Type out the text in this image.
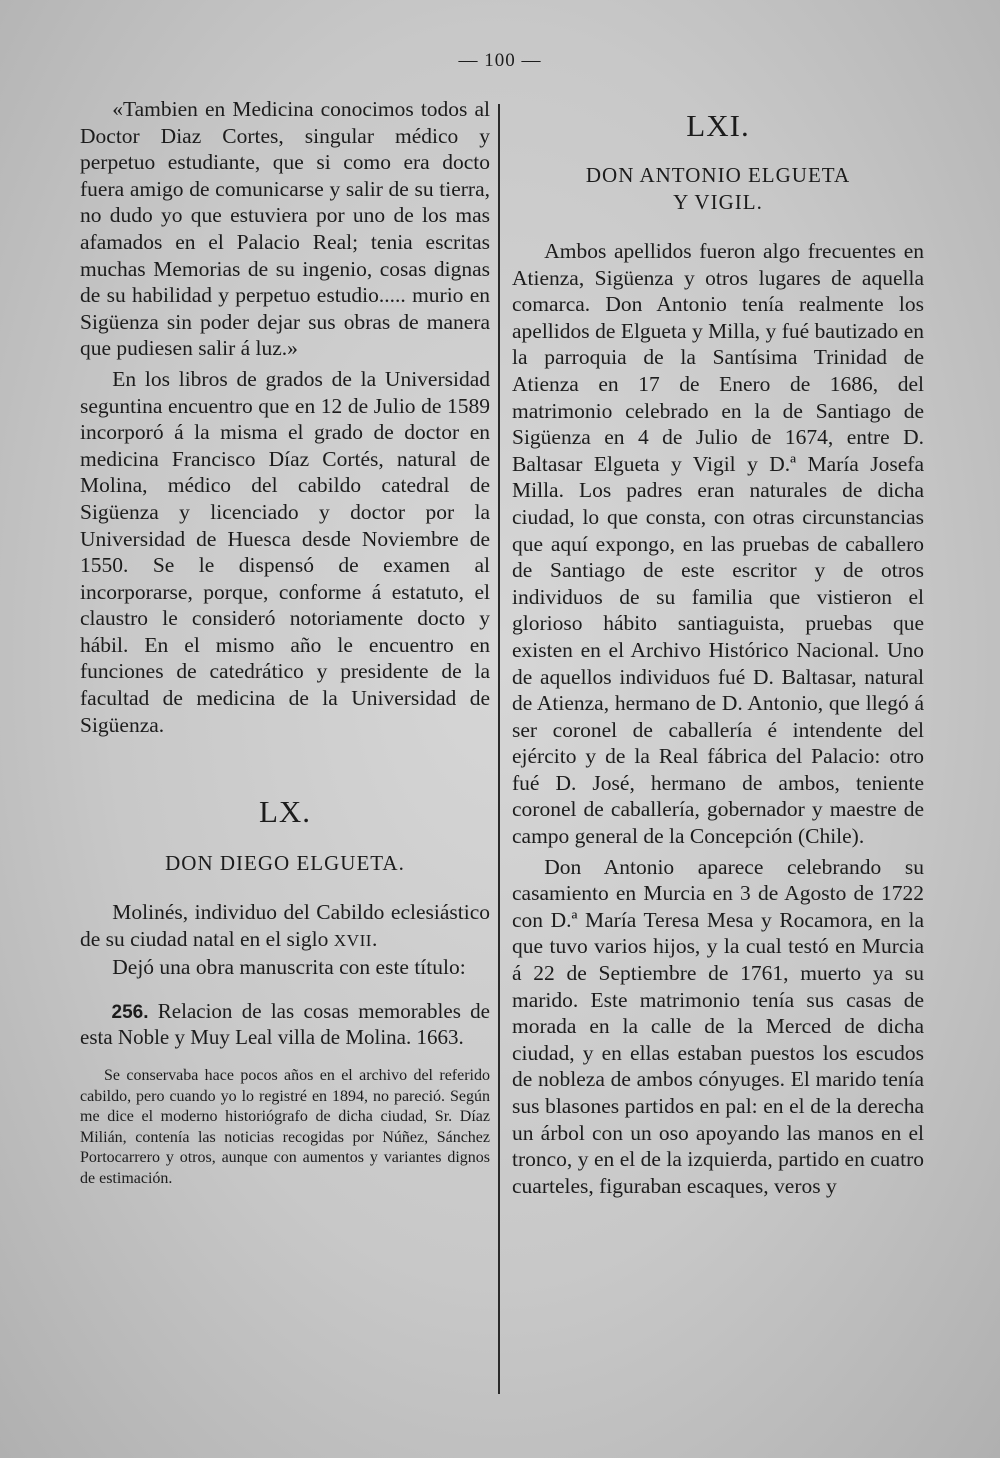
— 100 —

«Tambien en Medicina conocimos todos al Doctor Diaz Cortes, singular médico y perpetuo estudiante, que si como era docto fuera amigo de comunicarse y salir de su tierra, no dudo yo que estuviera por uno de los mas afamados en el Palacio Real; tenia escritas muchas Memorias de su ingenio, cosas dignas de su habilidad y perpetuo estudio..... murio en Sigüenza sin poder dejar sus obras de manera que pudiesen salir á luz.»

En los libros de grados de la Universidad seguntina encuentro que en 12 de Julio de 1589 incorporó á la misma el grado de doctor en medicina Francisco Díaz Cortés, natural de Molina, médico del cabildo catedral de Sigüenza y licenciado y doctor por la Universidad de Huesca desde Noviembre de 1550. Se le dispensó de examen al incorporarse, porque, conforme á estatuto, el claustro le consideró notoriamente docto y hábil. En el mismo año le encuentro en funciones de catedrático y presidente de la facultad de medicina de la Universidad de Sigüenza.

LX.
DON DIEGO ELGUETA.

Molinés, individuo del Cabildo eclesiástico de su ciudad natal en el siglo XVII.

Dejó una obra manuscrita con este título:

256. Relacion de las cosas memorables de esta Noble y Muy Leal villa de Molina. 1663.

Se conservaba hace pocos años en el archivo del referido cabildo, pero cuando yo lo registré en 1894, no pareció. Según me dice el moderno historiógrafo de dicha ciudad, Sr. Díaz Milián, contenía las noticias recogidas por Núñez, Sánchez Portocarrero y otros, aunque con aumentos y variantes dignos de estimación.

LXI.
DON ANTONIO ELGUETA
Y VIGIL.

Ambos apellidos fueron algo frecuentes en Atienza, Sigüenza y otros lugares de aquella comarca. Don Antonio tenía realmente los apellidos de Elgueta y Milla, y fué bautizado en la parroquia de la Santísima Trinidad de Atienza en 17 de Enero de 1686, del matrimonio celebrado en la de Santiago de Sigüenza en 4 de Julio de 1674, entre D. Baltasar Elgueta y Vigil y D.ª María Josefa Milla. Los padres eran naturales de dicha ciudad, lo que consta, con otras circunstancias que aquí expongo, en las pruebas de caballero de Santiago de este escritor y de otros individuos de su familia que vistieron el glorioso hábito santiaguista, pruebas que existen en el Archivo Histórico Nacional. Uno de aquellos individuos fué D. Baltasar, natural de Atienza, hermano de D. Antonio, que llegó á ser coronel de caballería é intendente del ejército y de la Real fábrica del Palacio: otro fué D. José, hermano de ambos, teniente coronel de caballería, gobernador y maestre de campo general de la Concepción (Chile).

Don Antonio aparece celebrando su casamiento en Murcia en 3 de Agosto de 1722 con D.ª María Teresa Mesa y Rocamora, en la que tuvo varios hijos, y la cual testó en Murcia á 22 de Septiembre de 1761, muerto ya su marido. Este matrimonio tenía sus casas de morada en la calle de la Merced de dicha ciudad, y en ellas estaban puestos los escudos de nobleza de ambos cónyuges. El marido tenía sus blasones partidos en pal: en el de la derecha un árbol con un oso apoyando las manos en el tronco, y en el de la izquierda, partido en cuatro cuarteles, figuraban escaques, veros y
